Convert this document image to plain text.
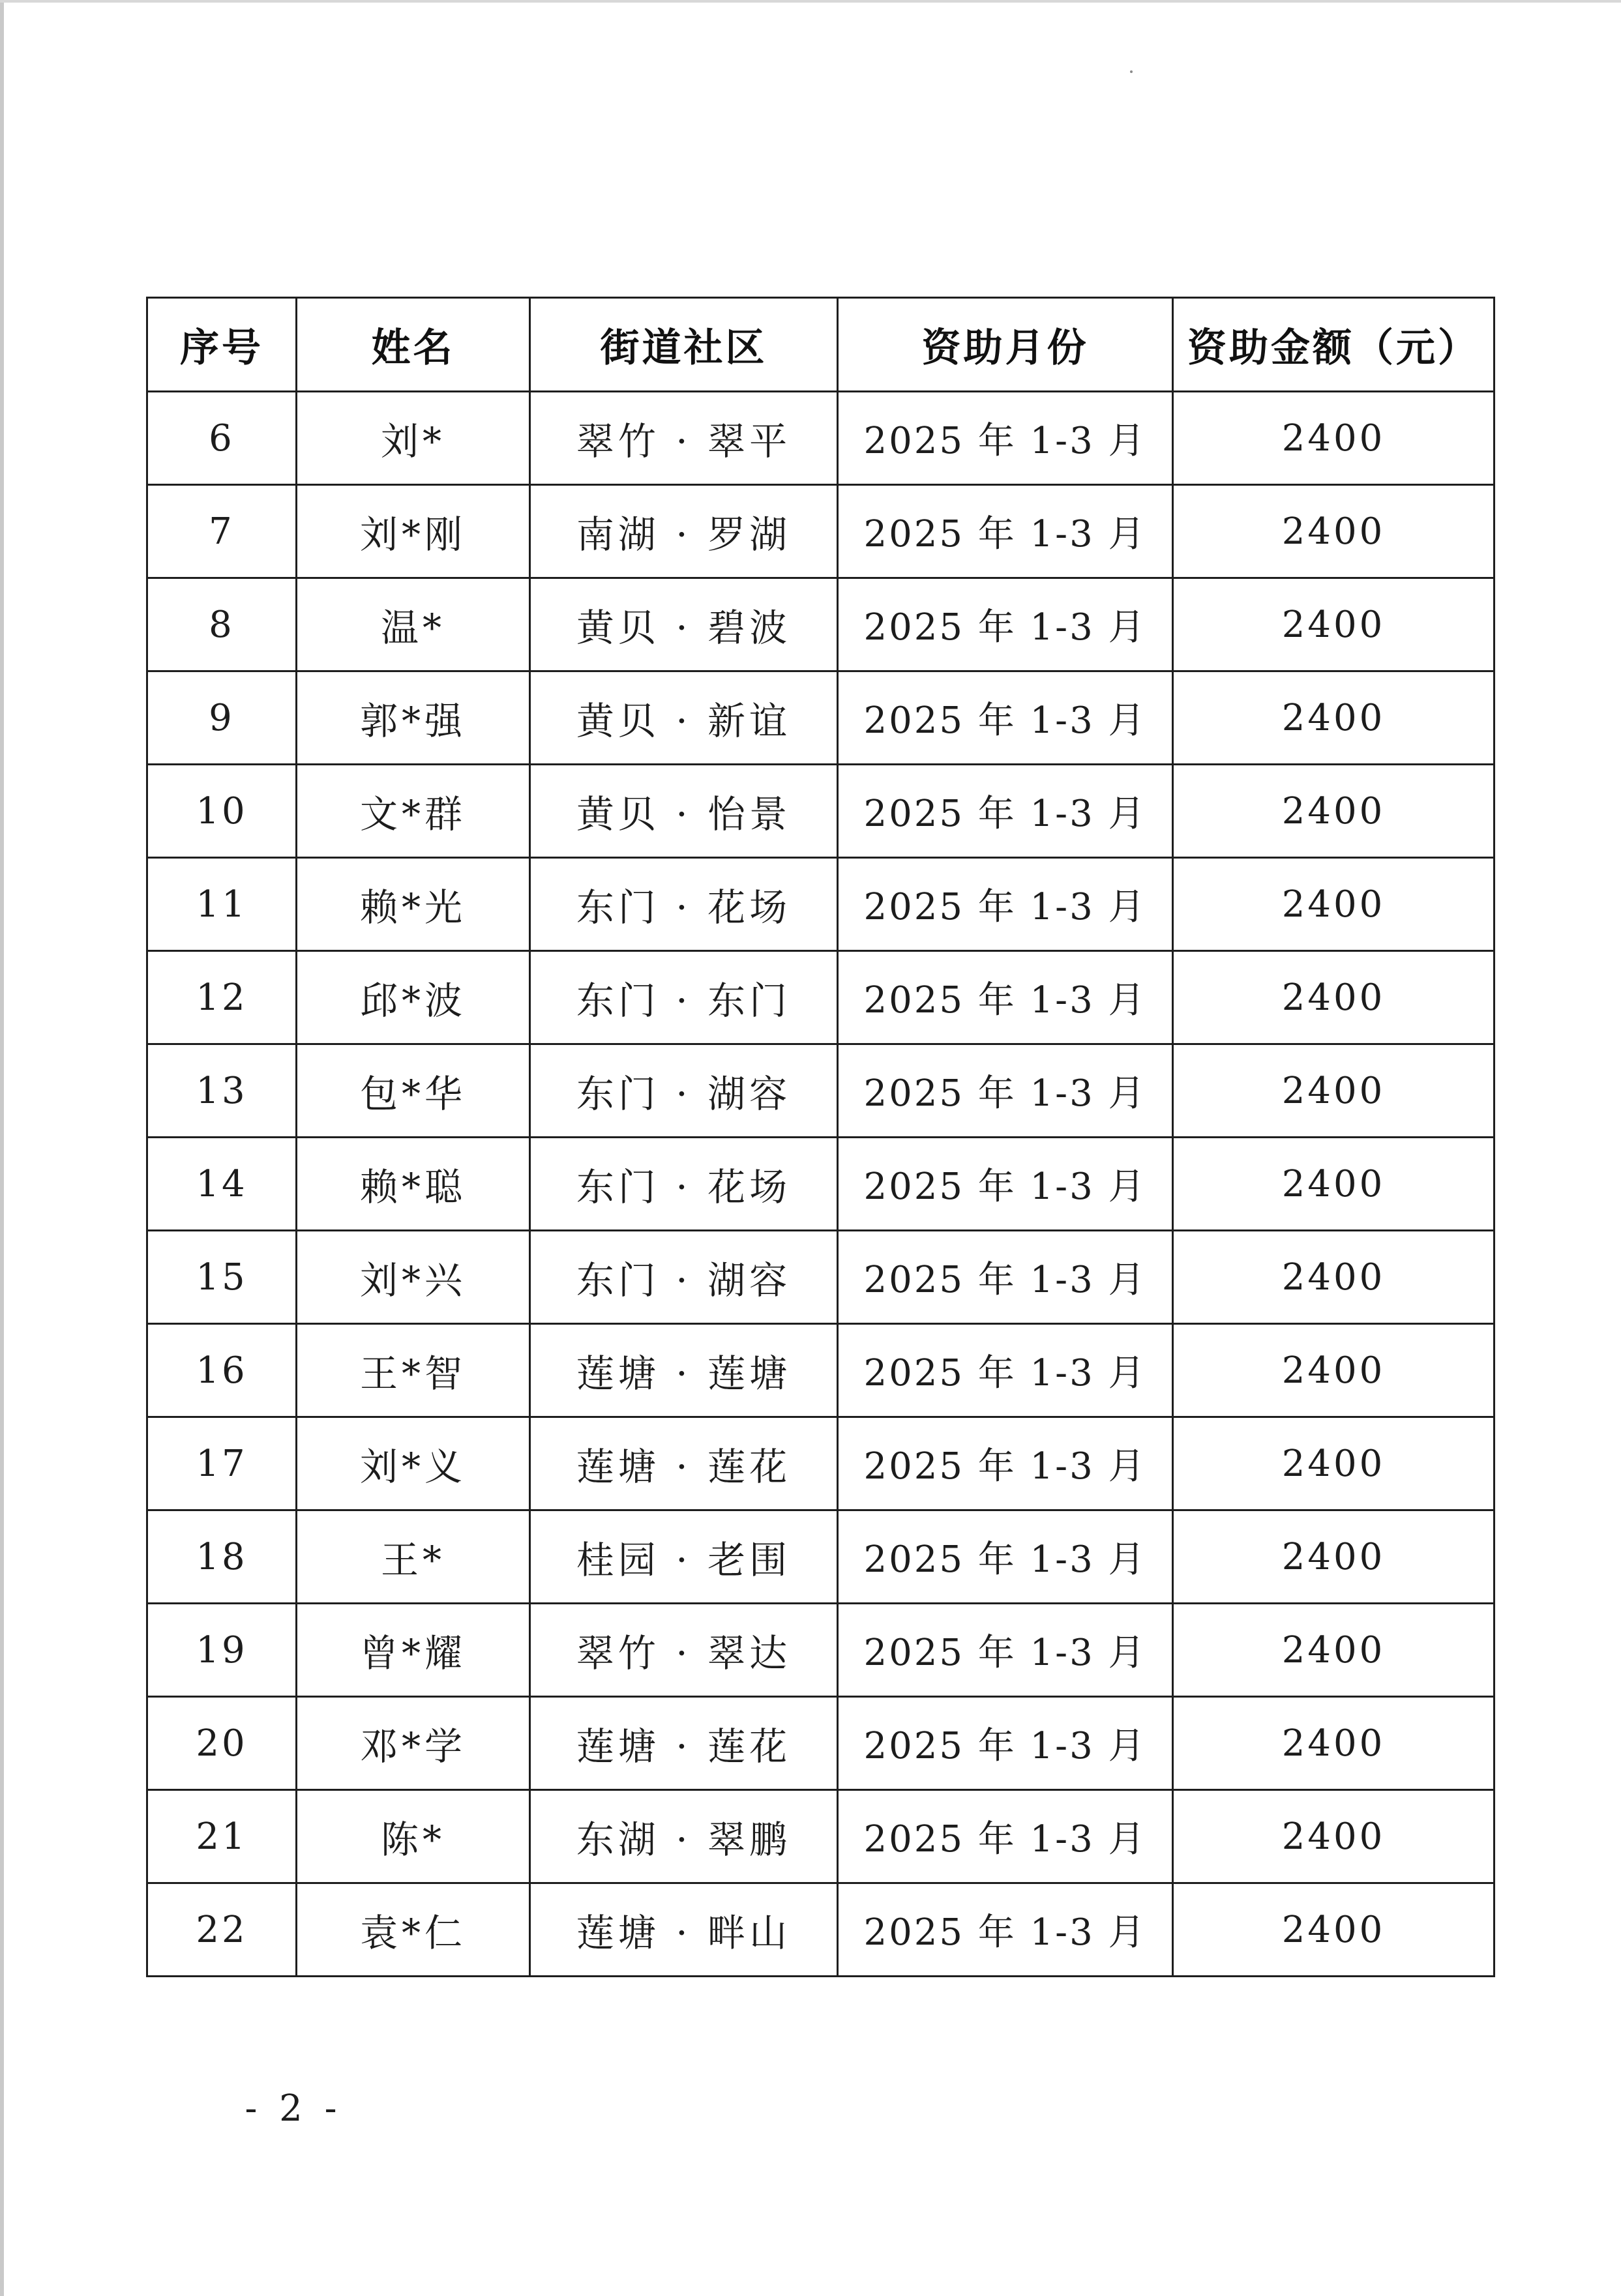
序号	姓名	街道社区	资助月份	资助金额（元）
6	刘*	翠竹 · 翠平	2025 年 1-3 月	2400
7	刘*刚	南湖 · 罗湖	2025 年 1-3 月	2400
8	温*	黄贝 · 碧波	2025 年 1-3 月	2400
9	郭*强	黄贝 · 新谊	2025 年 1-3 月	2400
10	文*群	黄贝 · 怡景	2025 年 1-3 月	2400
11	赖*光	东门 · 花场	2025 年 1-3 月	2400
12	邱*波	东门 · 东门	2025 年 1-3 月	2400
13	包*华	东门 · 湖容	2025 年 1-3 月	2400
14	赖*聪	东门 · 花场	2025 年 1-3 月	2400
15	刘*兴	东门 · 湖容	2025 年 1-3 月	2400
16	王*智	莲塘 · 莲塘	2025 年 1-3 月	2400
17	刘*义	莲塘 · 莲花	2025 年 1-3 月	2400
18	王*	桂园 · 老围	2025 年 1-3 月	2400
19	曾*耀	翠竹 · 翠达	2025 年 1-3 月	2400
20	邓*学	莲塘 · 莲花	2025 年 1-3 月	2400
21	陈*	东湖 · 翠鹏	2025 年 1-3 月	2400
22	袁*仁	莲塘 · 畔山	2025 年 1-3 月	2400
- 2 -
